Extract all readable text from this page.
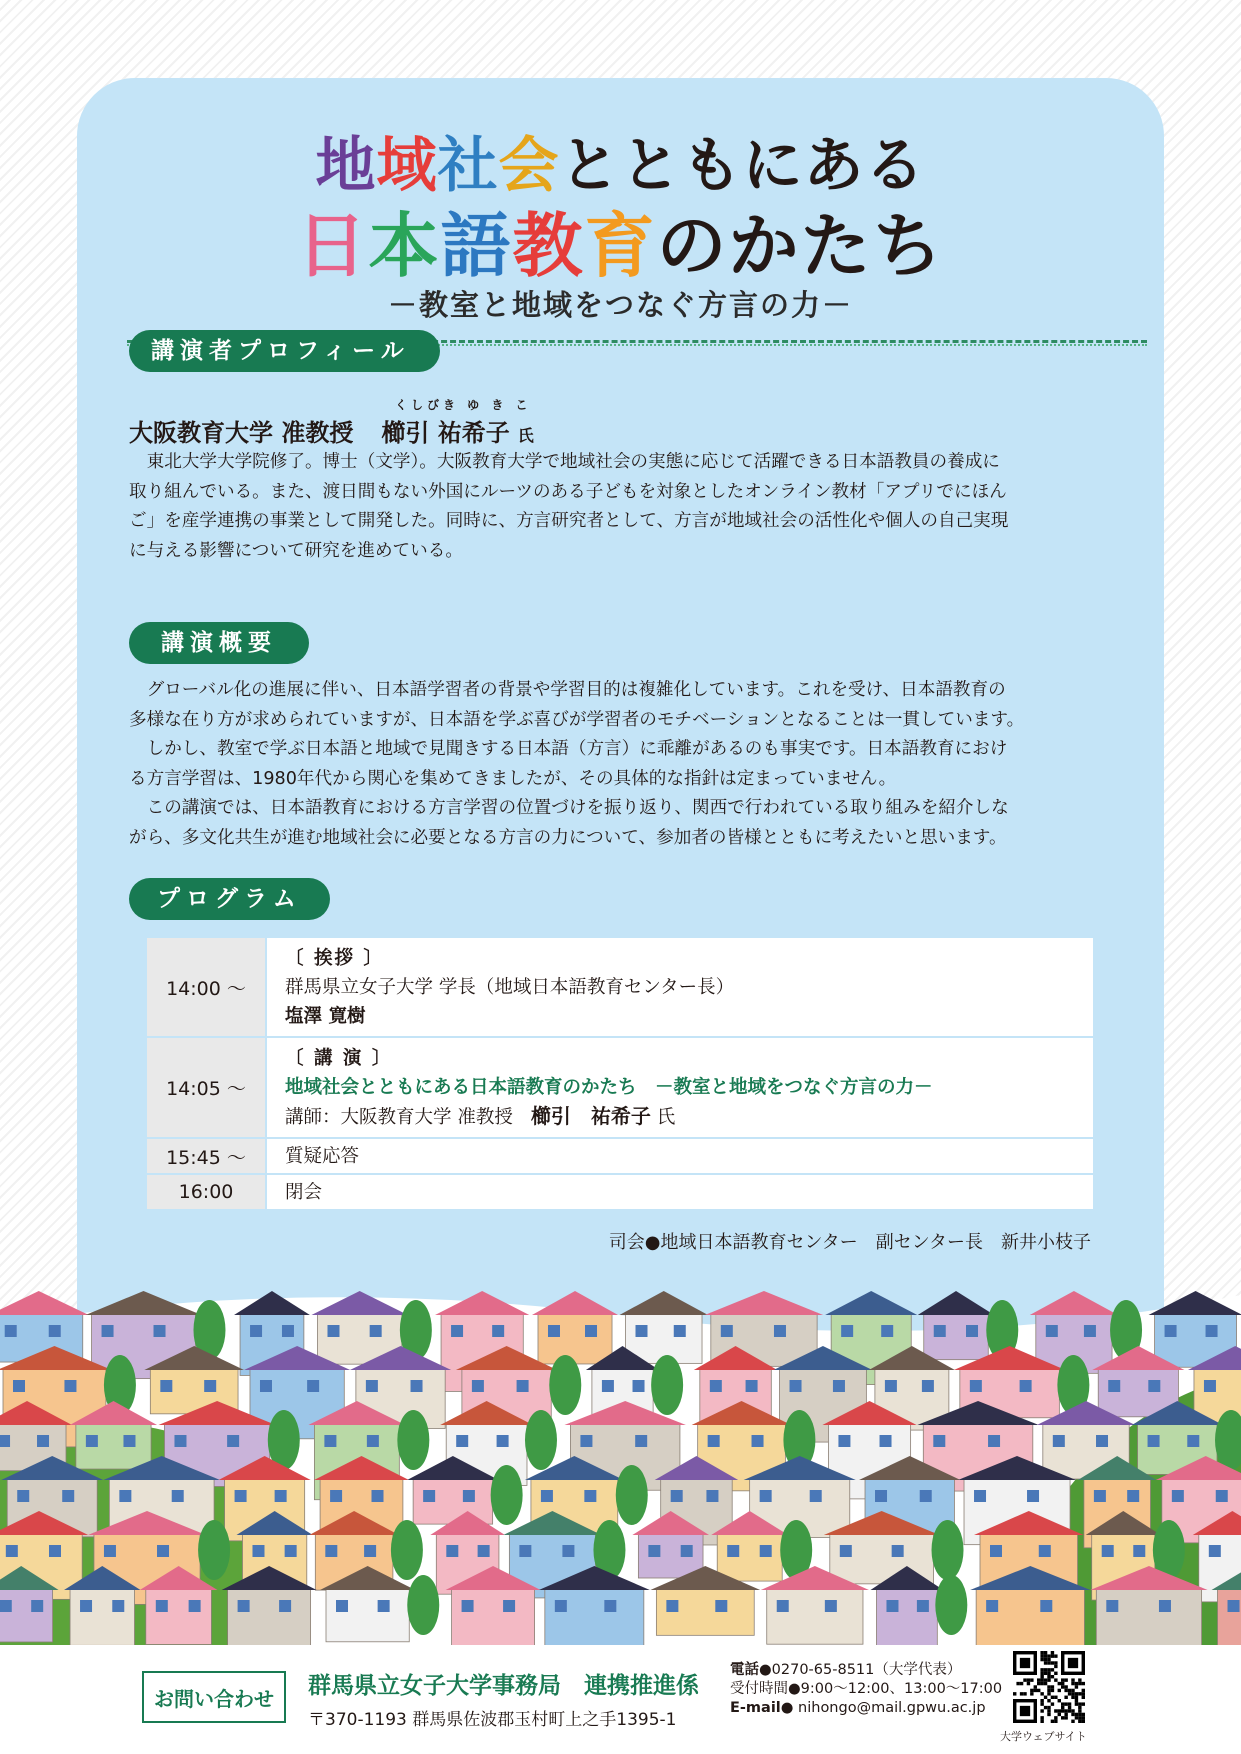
地域社会とともにある
日本語教育のかたち
－教室と地域をつなぐ方言の力－
講演者プロフィール
くしびき ゆ き こ
大阪教育大学 准教授 櫛引 祐希子 氏
東北大学大学院修了。博士（文学）。大阪教育大学で地域社会の実態に応じて活躍できる日本語教員の養成に
取り組んでいる。また、渡日間もない外国にルーツのある子どもを対象としたオンライン教材「アプリでにほん
ご」を産学連携の事業として開発した。同時に、方言研究者として、方言が地域社会の活性化や個人の自己実現
に与える影響について研究を進めている。
講演概要
グローバル化の進展に伴い、日本語学習者の背景や学習目的は複雑化しています。これを受け、日本語教育の
多様な在り方が求められていますが、日本語を学ぶ喜びが学習者のモチベーションとなることは一貫しています。
しかし、教室で学ぶ日本語と地域で見聞きする日本語（方言）に乖離があるのも事実です。日本語教育におけ
る方言学習は、1980年代から関心を集めてきましたが、その具体的な指針は定まっていません。
この講演では、日本語教育における方言学習の位置づけを振り返り、関西で行われている取り組みを紹介しな
がら、多文化共生が進む地域社会に必要となる方言の力について、参加者の皆様とともに考えたいと思います。
プログラム
14:00 ～
〔 挨拶 〕
群馬県立女子大学 学長（地域日本語教育センター長）
塩澤 寛樹
14:05 ～
〔 講 演 〕
地域社会とともにある日本語教育のかたち　－教室と地域をつなぐ方言の力－
講師：大阪教育大学 准教授 櫛引　祐希子 氏
15:45 ～	質疑応答
16:00	閉会
司会●地域日本語教育センター　副センター長　新井小枝子
お問い合わせ	群馬県立女子大学事務局　連携推進係
〒370-1193 群馬県佐波郡玉村町上之手1395-1
電話●0270-65-8511（大学代表）
受付時間●9:00～12:00、13:00～17:00
E-mail● nihongo@mail.gpwu.ac.jp
大学ウェブサイト
